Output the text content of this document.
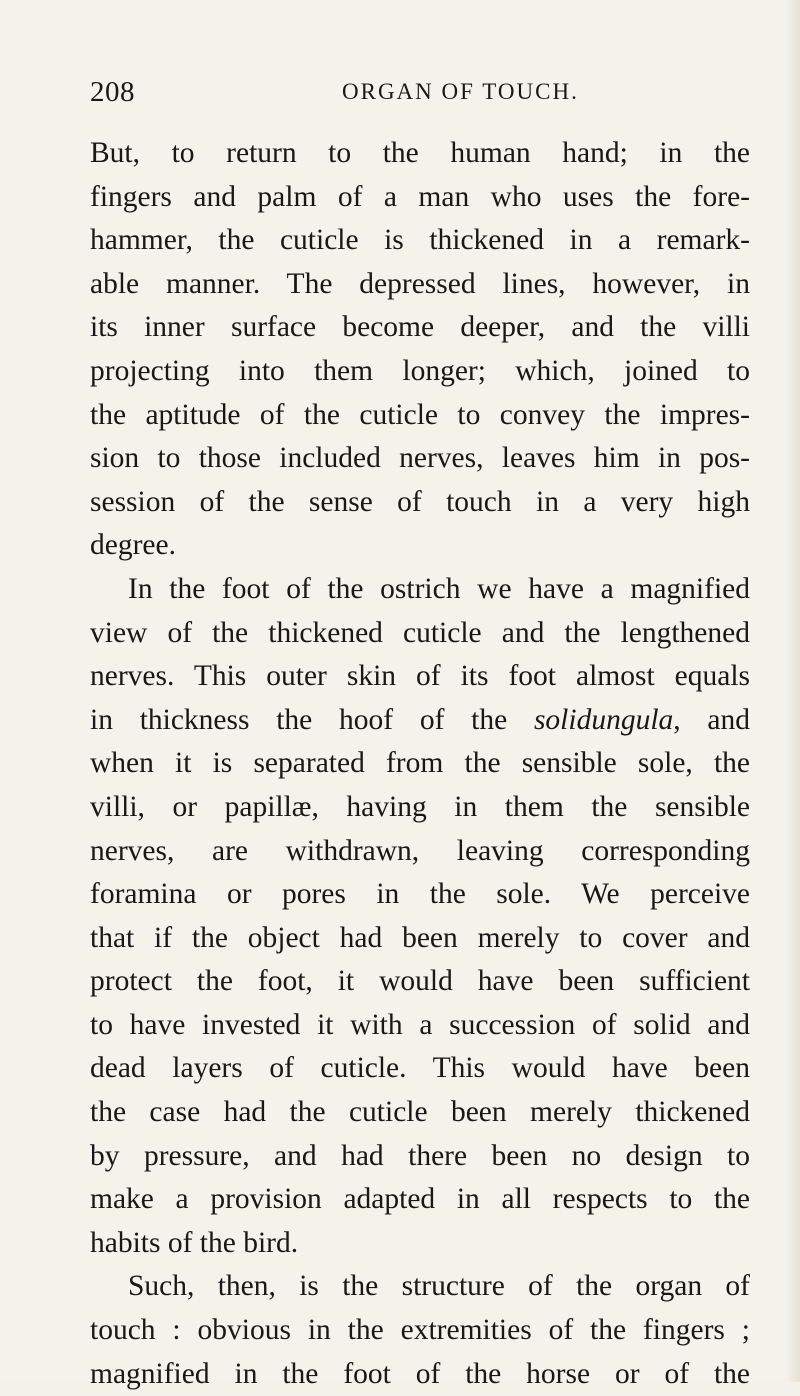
208	ORGAN OF TOUCH.
But, to return to the human hand; in the
fingers and palm of a man who uses the fore-
hammer, the cuticle is thickened in a remark-
able manner. The depressed lines, however, in
its inner surface become deeper, and the villi
projecting into them longer; which, joined to
the aptitude of the cuticle to convey the impres-
sion to those included nerves, leaves him in pos-
session of the sense of touch in a very high
degree.
In the foot of the ostrich we have a magnified
view of the thickened cuticle and the lengthened
nerves. This outer skin of its foot almost equals
in thickness the hoof of the solidungula, and
when it is separated from the sensible sole, the
villi, or papillæ, having in them the sensible
nerves, are withdrawn, leaving corresponding
foramina or pores in the sole. We perceive
that if the object had been merely to cover and
protect the foot, it would have been sufficient
to have invested it with a succession of solid and
dead layers of cuticle. This would have been
the case had the cuticle been merely thickened
by pressure, and had there been no design to
make a provision adapted in all respects to the
habits of the bird.
Such, then, is the structure of the organ of
touch : obvious in the extremities of the fingers ;
magnified in the foot of the horse or of the
